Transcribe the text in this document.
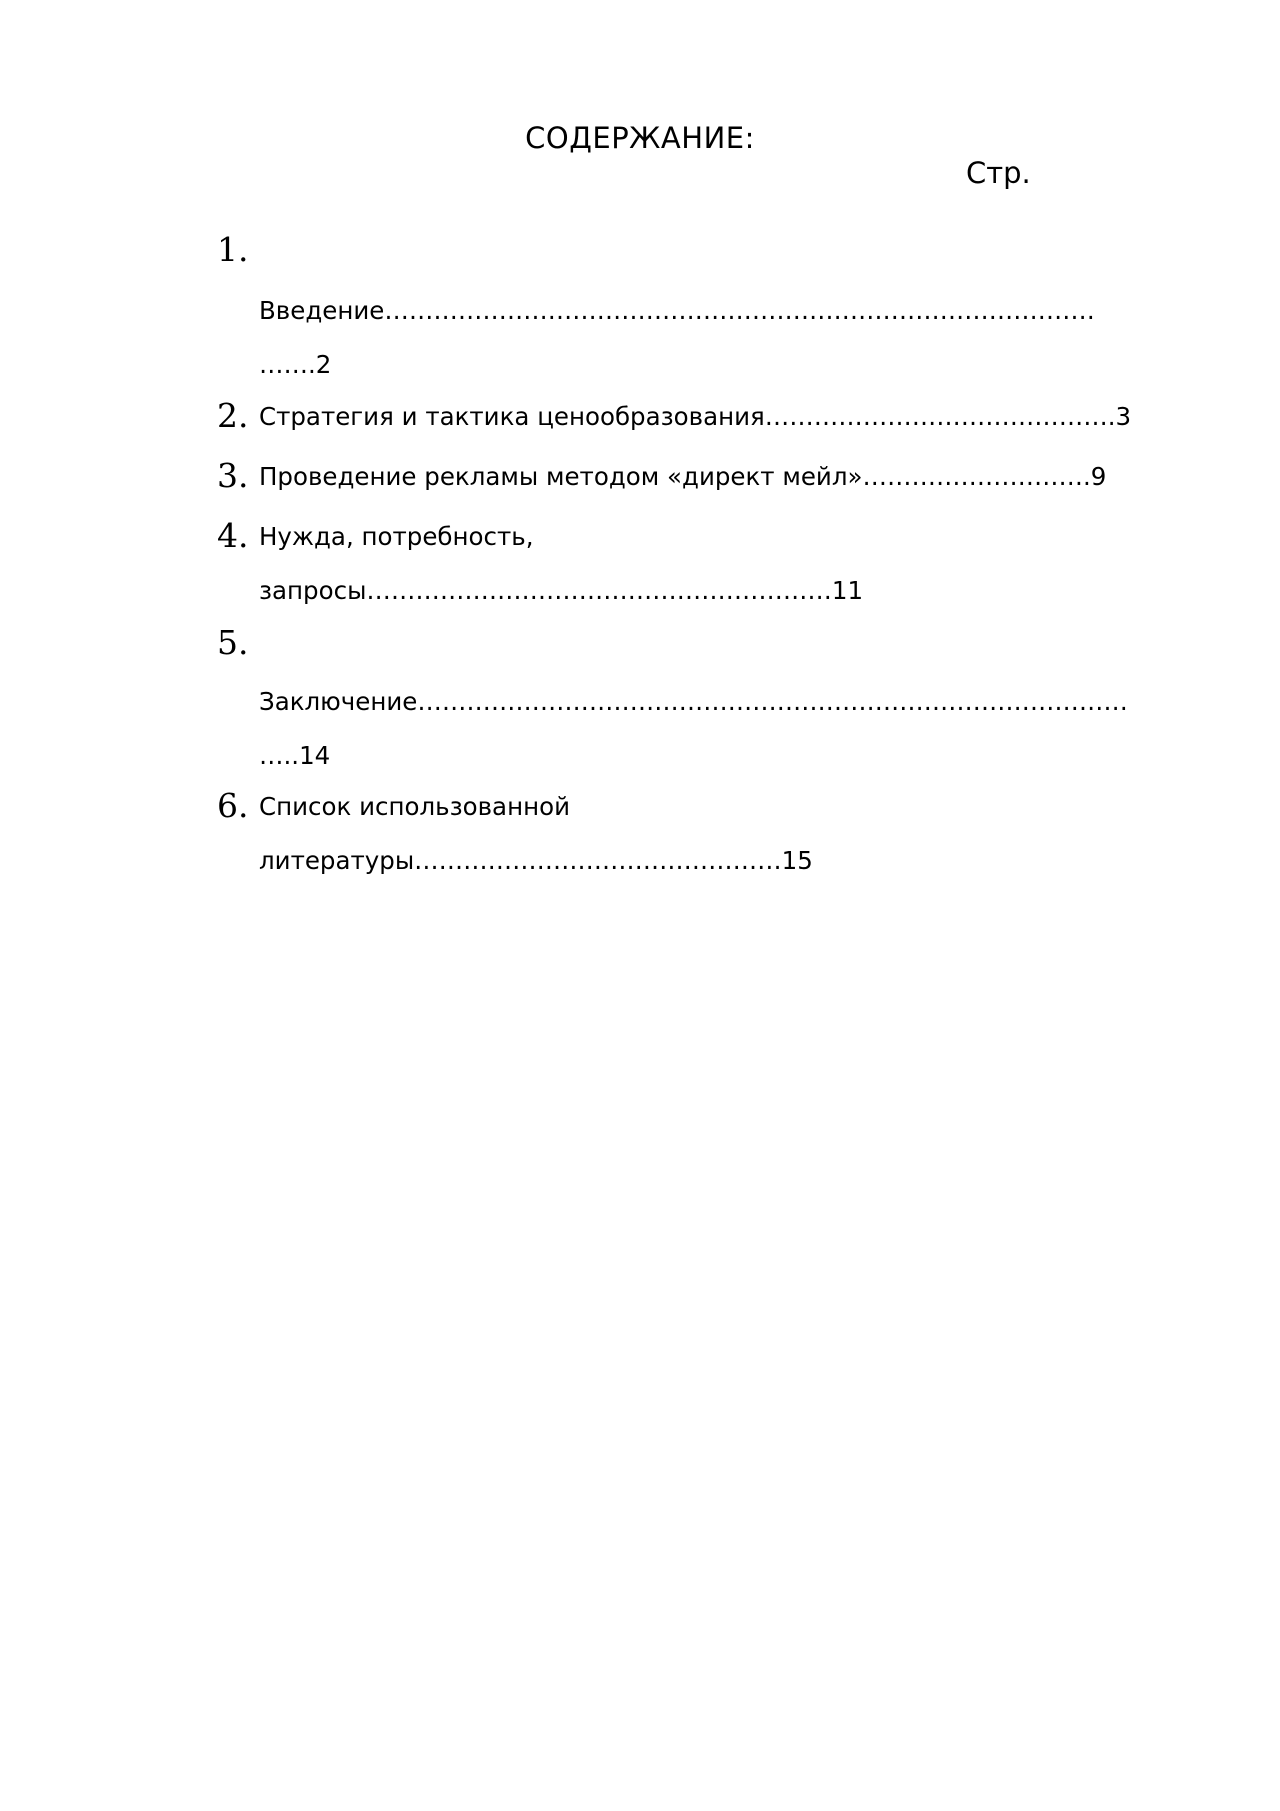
СОДЕРЖАНИЕ:
Стр.
1.
Введение……………………………………………………………………………
…….2
2. Стратегия и тактика ценообразования…………………………………….3
3. Проведение рекламы методом «директ мейл»……………………….9
4. Нужда, потребность,
запросы…………………………………………………11
5.
Заключение……………………………………………………………………………
…..14
6. Список использованной
литературы………………………………………15
